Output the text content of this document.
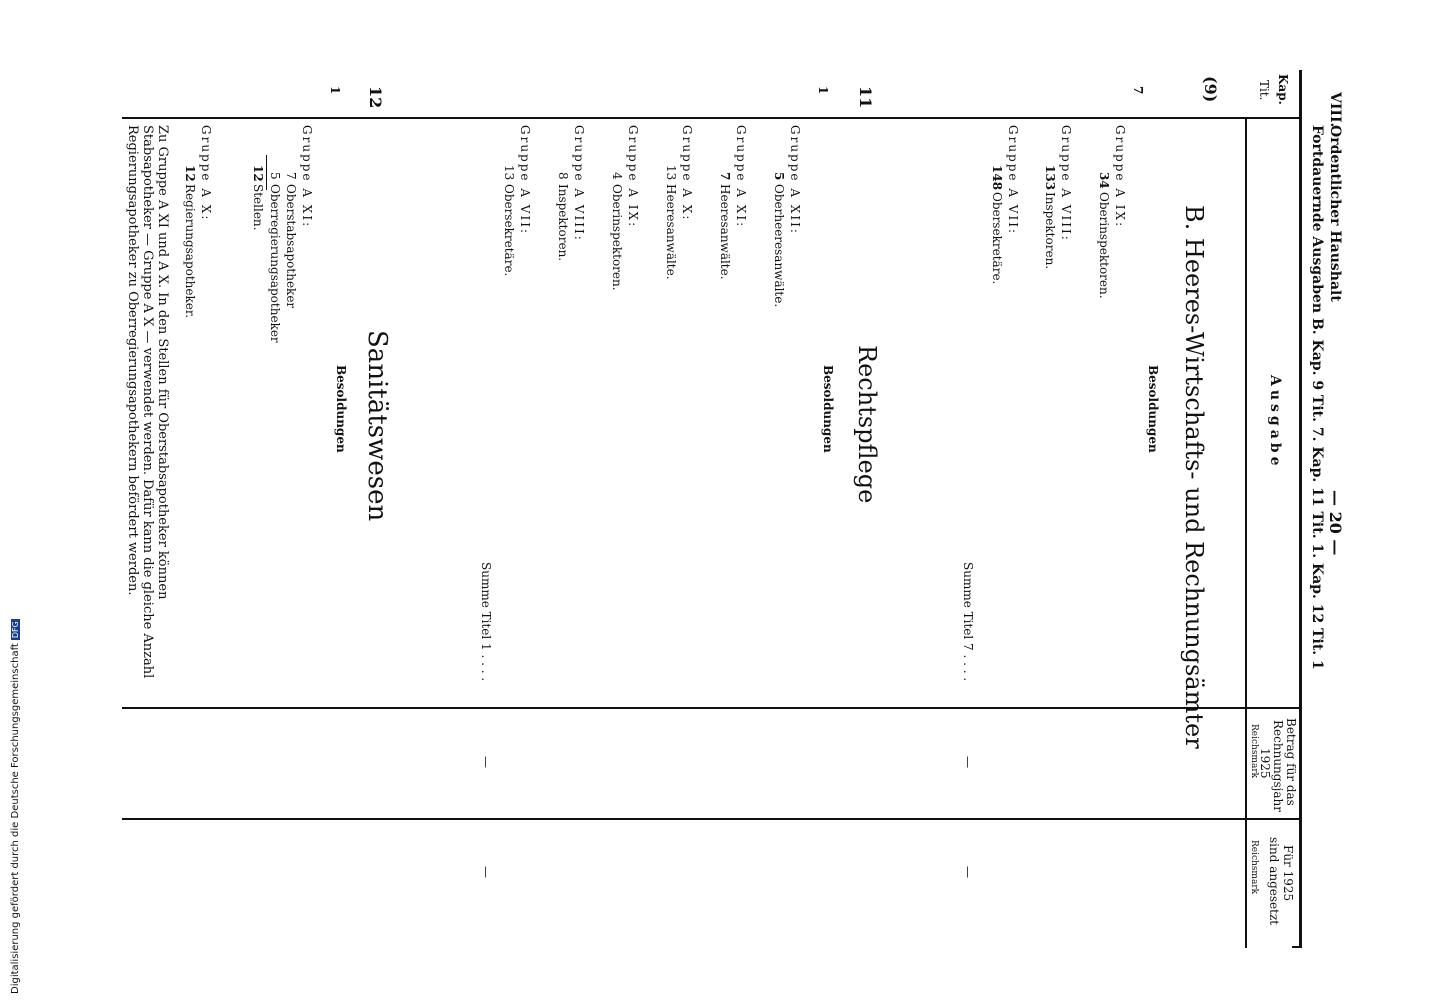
VIII.
Ordentlicher Haushalt
— 20 —
Fortdauernde Ausgaben B. Kap. 9 Tit. 7. Kap. 11 Tit. 1. Kap. 12 Tit. 1
Kap.
Tit.
Ausgabe
Betrag für das
Rechnungsjahr
1925
Reichsmark
Für 1925
sind angesetzt
Reichsmark
(9)
B. Heeres-Wirtschafts- und Rechnungsämter
Besoldungen
7
Gruppe A IX:
34
Oberinspektoren.
Gruppe A VIII:
133
Inspektoren.
Gruppe A VII:
148
Obersekretäre.
Summe Titel 7 . . . .
—
—
11
Rechtspflege
Besoldungen
1
Gruppe A XII:
5
Oberheeresanwälte.
Gruppe A XI:
7
Heeresanwälte.
Gruppe A X:
13
Heeresanwälte.
Gruppe A IX:
4
Oberinspektoren.
Gruppe A VIII:
8
Inspektoren.
Gruppe A VII:
13
Obersekretäre.
Summe Titel 1 . . . .
—
—
12
Sanitätswesen
Besoldungen
1
Gruppe A XI:
7
Oberstabsapotheker
5
Oberregierungsapotheker
12
Stellen.
Gruppe A X:
12
Regierungsapotheker.
Zu Gruppe A XI und A X. In den Stellen für Oberstabsapotheker können Stabsapotheker — Gruppe A X — verwendet werden. Dafür kann die gleiche Anzahl Regierungsapotheker zu Oberregierungsapothekern befördert werden.
Digitalisierung gefördert durch die Deutsche ForschungsgemeinschaftDFG
